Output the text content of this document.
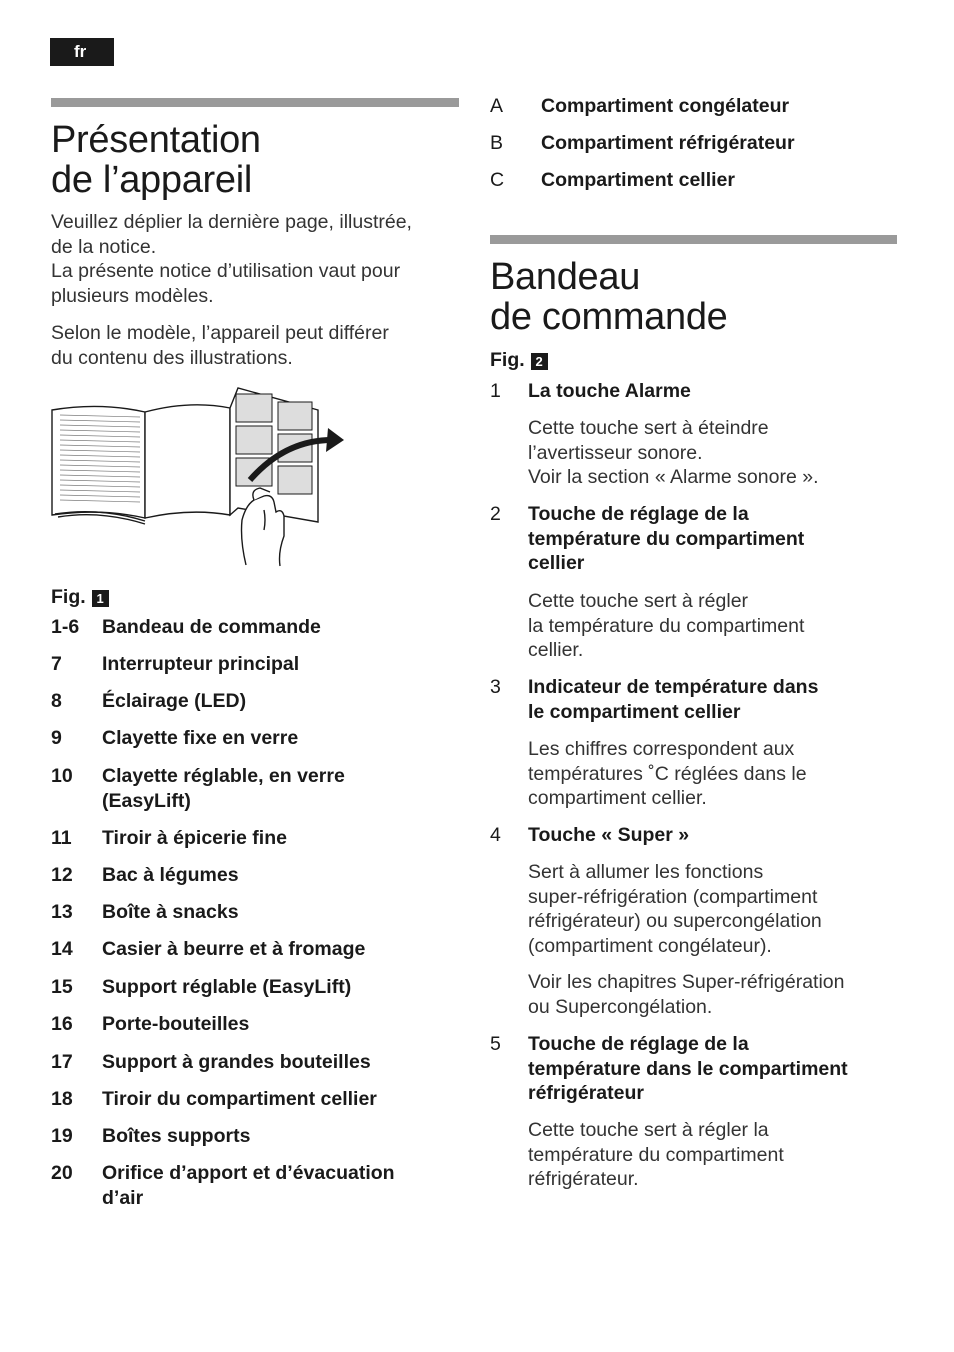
fr
Présentation
de l’appareil

Veuillez déplier la dernière page, illustrée,
de la notice.
La présente notice d’utilisation vaut pour
plusieurs modèles.

Selon le modèle, l’appareil peut différer
du contenu des illustrations.

Fig. 1

1-6 Bandeau de commande
7 Interrupteur principal
8 Éclairage (LED)
9 Clayette fixe en verre
10 Clayette réglable, en verre
(EasyLift)
11 Tiroir à épicerie fine
12 Bac à légumes
13 Boîte à snacks
14 Casier à beurre et à fromage
15 Support réglable (EasyLift)
16 Porte-bouteilles
17 Support à grandes bouteilles
18 Tiroir du compartiment cellier
19 Boîtes supports
20 Orifice d’apport et d’évacuation
d’air
A Compartiment congélateur
B Compartiment réfrigérateur
C Compartiment cellier
Bandeau
de commande

Fig. 2

1 La touche Alarme

Cette touche sert à éteindre
l’avertisseur sonore.
Voir la section « Alarme sonore ».

2 Touche de réglage de la
température du compartiment
cellier

Cette touche sert à régler
la température du compartiment
cellier.

3 Indicateur de température dans
le compartiment cellier

Les chiffres correspondent aux
températures ˚C réglées dans le
compartiment cellier.

4 Touche « Super »

Sert à allumer les fonctions
super-réfrigération (compartiment
réfrigérateur) ou supercongélation
(compartiment congélateur).

Voir les chapitres Super-réfrigération
ou Supercongélation.

5 Touche de réglage de la
température dans le compartiment
réfrigérateur

Cette touche sert à régler la
température du compartiment
réfrigérateur.
